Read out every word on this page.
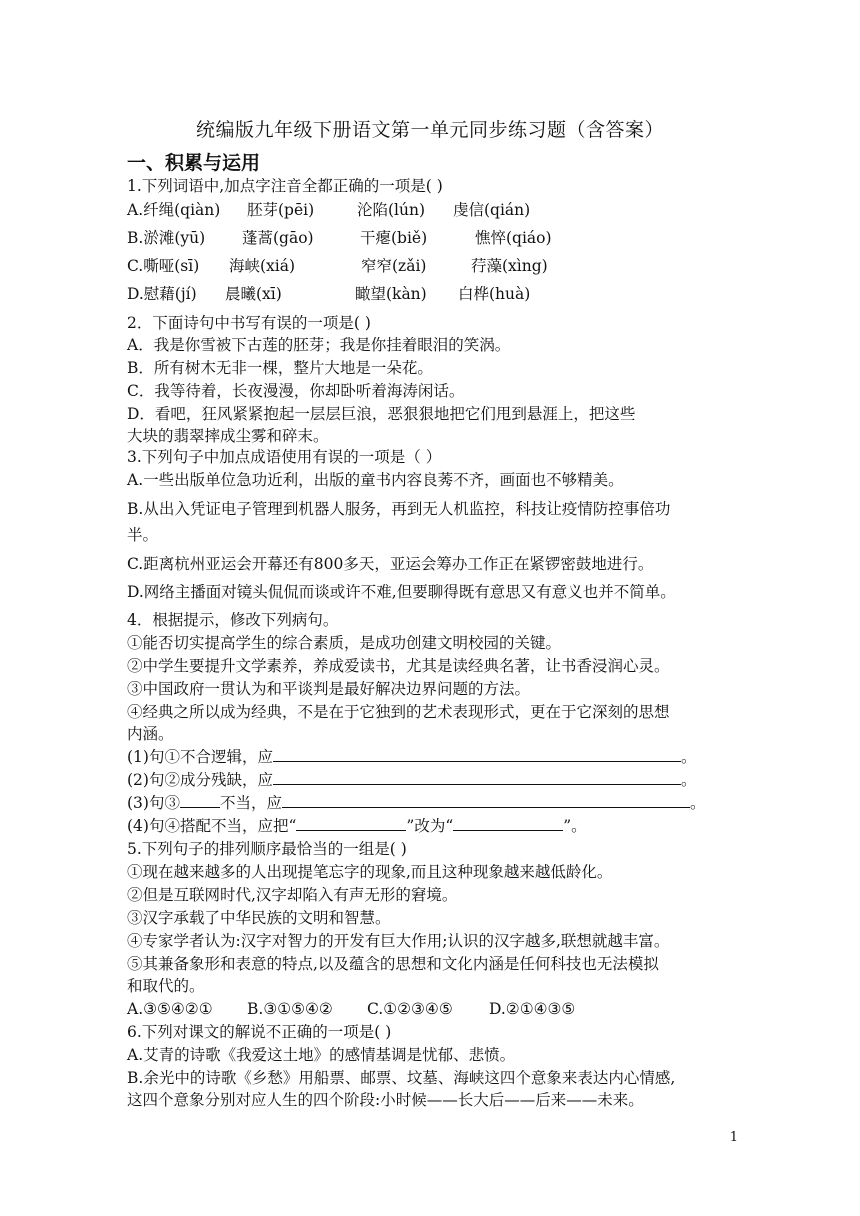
统编版九年级下册语文第一单元同步练习题（含答案）
一、积累与运用
1.下列词语中,加点字注音全都正确的一项是( )
A.纤绳(qiàn) 胚芽(pēi)	沦陷(lún) 虔信(qián)
B.淤滩(yū) 蓬蒿(gāo)	干瘪(biě)	憔悴(qiáo)
C.嘶哑(sī) 海峡(xiá)	窄窄(zǎi)	荇藻(xìng)
D.慰藉(jí) 晨曦(xī)	瞰望(kàn) 白桦(huà)
2．下面诗句中书写有误的一项是( )
A．我是你雪被下古莲的胚芽；我是你挂着眼泪的笑涡。
B．所有树木无非一棵，整片大地是一朵花。
C．我等待着，长夜漫漫，你却卧听着海涛闲话。
D．看吧，狂风紧紧抱起一层层巨浪，恶狠狠地把它们甩到悬涯上，把这些
大块的翡翠摔成尘雾和碎末。
3.下列句子中加点成语使用有误的一项是（ ）
A.一些出版单位急功近利，出版的童书内容良莠不齐，画面也不够精美。
B.从出入凭证电子管理到机器人服务，再到无人机监控，科技让疫情防控事倍功
半。
C.距离杭州亚运会开幕还有800多天，亚运会筹办工作正在紧锣密鼓地进行。
D.网络主播面对镜头侃侃而谈或许不难,但要聊得既有意思又有意义也并不简单。
4．根据提示，修改下列病句。
①能否切实提高学生的综合素质，是成功创建文明校园的关键。
②中学生要提升文学素养，养成爱读书，尤其是读经典名著，让书香浸润心灵。
③中国政府一贯认为和平谈判是最好解决边界问题的方法。
④经典之所以成为经典，不是在于它独到的艺术表现形式，更在于它深刻的思想
内涵。
(1)句①不合逻辑，应	。
(2)句②成分残缺，应	。
(3)句③	不当，应	。
(4)句④搭配不当，应把“	”改为“	”。
5.下列句子的排列顺序最恰当的一组是( )
①现在越来越多的人出现提笔忘字的现象,而且这种现象越来越低龄化。
②但是互联网时代,汉字却陷入有声无形的窘境。
③汉字承载了中华民族的文明和智慧。
④专家学者认为:汉字对智力的开发有巨大作用;认识的汉字越多,联想就越丰富。
⑤其兼备象形和表意的特点,以及蕴含的思想和文化内涵是任何科技也无法模拟
和取代的。
A.③⑤④②① B.③①⑤④② C.①②③④⑤ D.②①④③⑤
6.下列对课文的解说不正确的一项是( )
A.艾青的诗歌《我爱这土地》的感情基调是忧郁、悲愤。
B.余光中的诗歌《乡愁》用船票、邮票、坟墓、海峡这四个意象来表达内心情感,
这四个意象分别对应人生的四个阶段:小时候——长大后——后来——未来。
1
